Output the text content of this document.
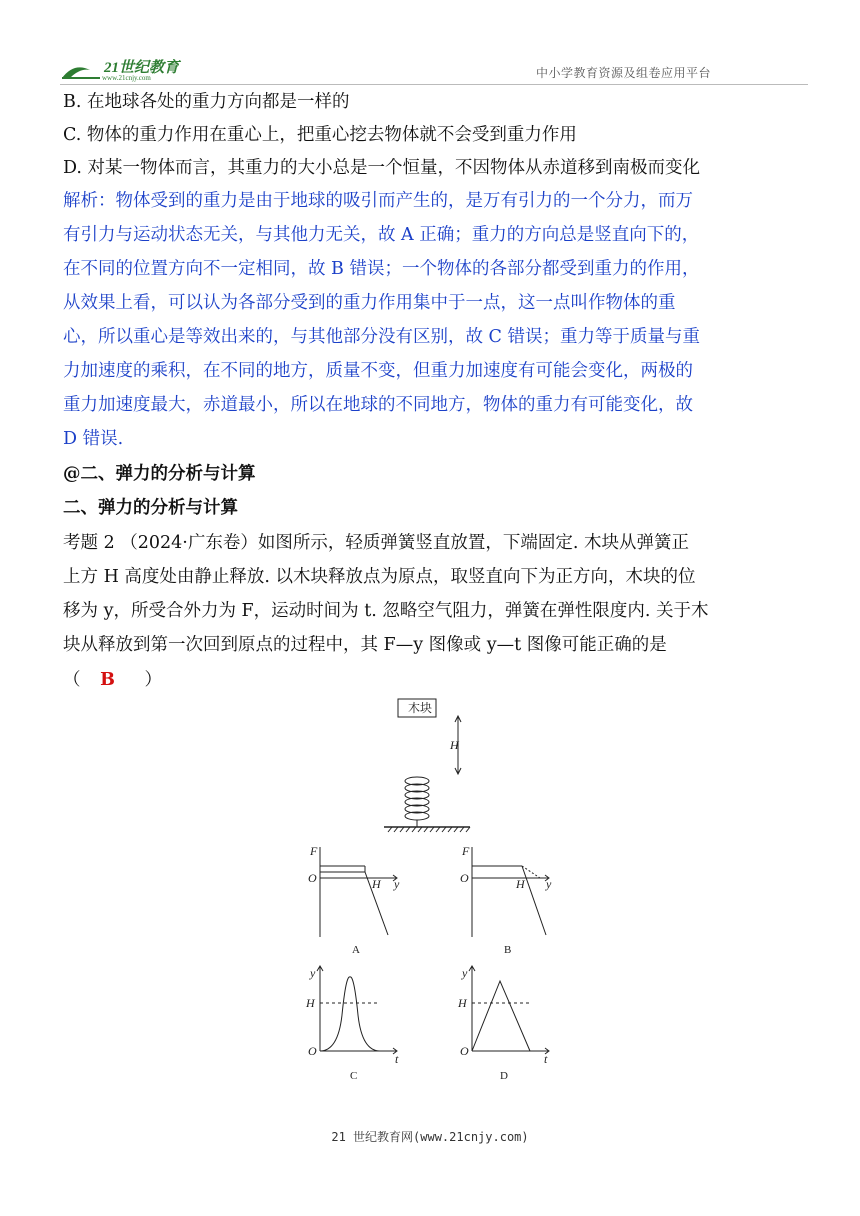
21世纪教育
www.21cnjy.com	中小学教育资源及组卷应用平台
B. 在地球各处的重力方向都是一样的
C. 物体的重力作用在重心上，把重心挖去物体就不会受到重力作用
D. 对某一物体而言，其重力的大小总是一个恒量，不因物体从赤道移到南极而变化
解析：物体受到的重力是由于地球的吸引而产生的，是万有引力的一个分力，而万
有引力与运动状态无关，与其他力无关，故 A 正确；重力的方向总是竖直向下的，
在不同的位置方向不一定相同，故 B 错误；一个物体的各部分都受到重力的作用，
从效果上看，可以认为各部分受到的重力作用集中于一点，这一点叫作物体的重
心，所以重心是等效出来的，与其他部分没有区别，故 C 错误；重力等于质量与重
力加速度的乘积，在不同的地方，质量不变，但重力加速度有可能会变化，两极的
重力加速度最大，赤道最小，所以在地球的不同地方，物体的重力有可能变化，故
D 错误.
@二、弹力的分析与计算
二、弹力的分析与计算
考题 2 （2024·广东卷）如图所示，轻质弹簧竖直放置，下端固定. 木块从弹簧正
上方 H 高度处由静止释放. 以木块释放点为原点，取竖直向下为正方向，木块的位
移为 y，所受合外力为 F，运动时间为 t. 忽略空气阻力，弹簧在弹性限度内. 关于木
块从释放到第一次回到原点的过程中，其 F—y 图像或 y—t 图像可能正确的是
（ B ）
木块
H
F
O	H y
A
F
O	H y
B
y
H
O
t
C
y
H
O
t
D
21 世纪教育网(www.21cnjy.com)
